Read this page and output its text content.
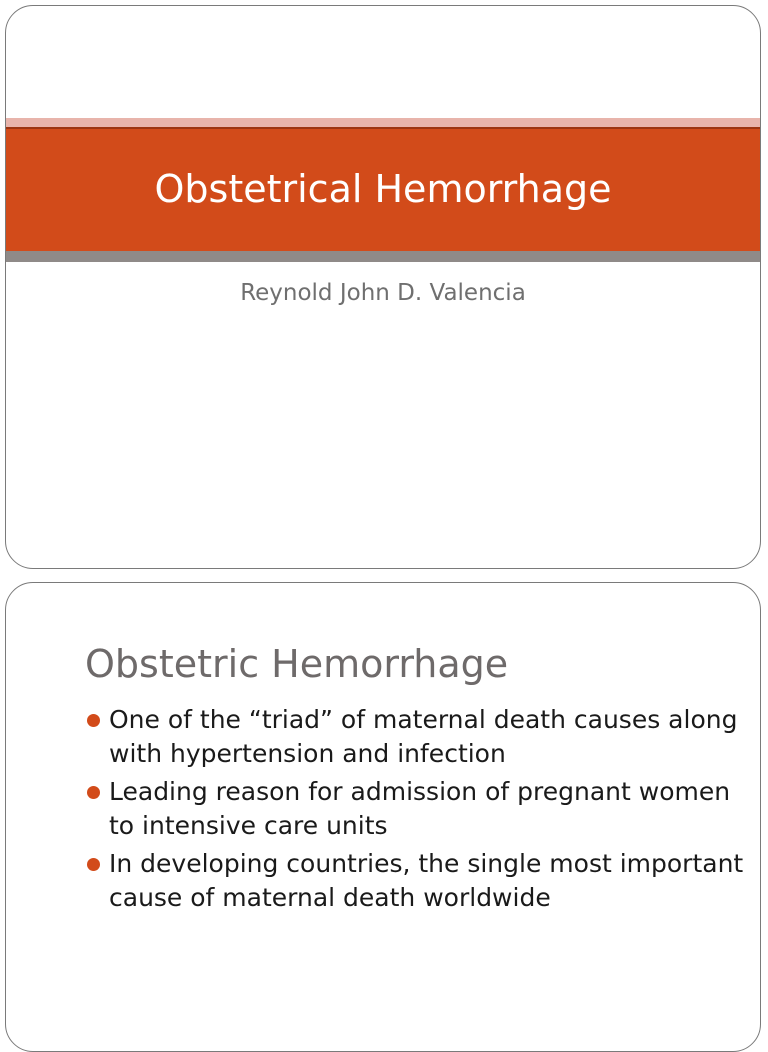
Obstetrical Hemorrhage
Reynold John D. Valencia
Obstetric Hemorrhage
One of the “triad” of maternal death causes along with hypertension and infection
Leading reason for admission of pregnant women to intensive care units
In developing countries, the single most important cause of maternal death worldwide
